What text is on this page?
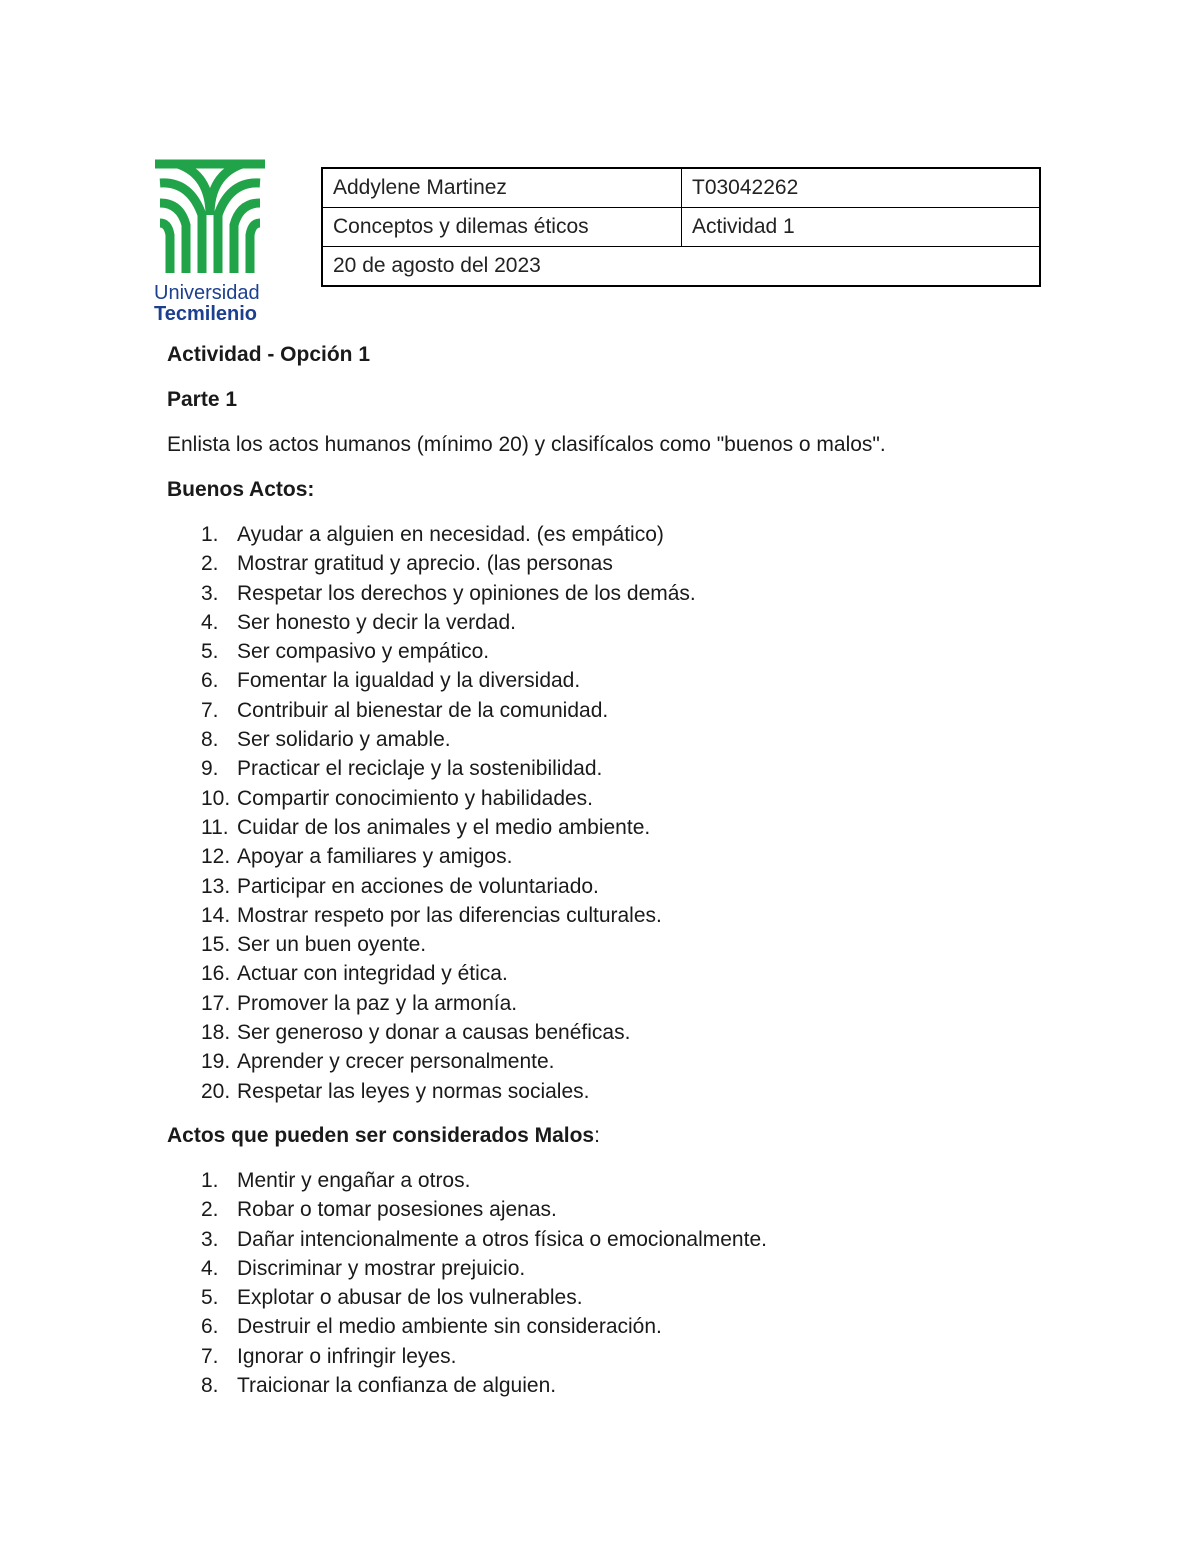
Universidad
Tecmilenio
Addylene Martinez	T03042262
Conceptos y dilemas éticos	Actividad 1
20 de agosto del 2023	

Actividad - Opción 1

Parte 1

Enlista los actos humanos (mínimo 20) y clasifícalos como "buenos o malos".

Buenos Actos:

1. Ayudar a alguien en necesidad. (es empático)
2. Mostrar gratitud y aprecio. (las personas
3. Respetar los derechos y opiniones de los demás.
4. Ser honesto y decir la verdad.
5. Ser compasivo y empático.
6. Fomentar la igualdad y la diversidad.
7. Contribuir al bienestar de la comunidad.
8. Ser solidario y amable.
9. Practicar el reciclaje y la sostenibilidad.
10. Compartir conocimiento y habilidades.
11. Cuidar de los animales y el medio ambiente.
12. Apoyar a familiares y amigos.
13. Participar en acciones de voluntariado.
14. Mostrar respeto por las diferencias culturales.
15. Ser un buen oyente.
16. Actuar con integridad y ética.
17. Promover la paz y la armonía.
18. Ser generoso y donar a causas benéficas.
19. Aprender y crecer personalmente.
20. Respetar las leyes y normas sociales.

Actos que pueden ser considerados Malos:

1. Mentir y engañar a otros.
2. Robar o tomar posesiones ajenas.
3. Dañar intencionalmente a otros física o emocionalmente.
4. Discriminar y mostrar prejuicio.
5. Explotar o abusar de los vulnerables.
6. Destruir el medio ambiente sin consideración.
7. Ignorar o infringir leyes.
8. Traicionar la confianza de alguien.
